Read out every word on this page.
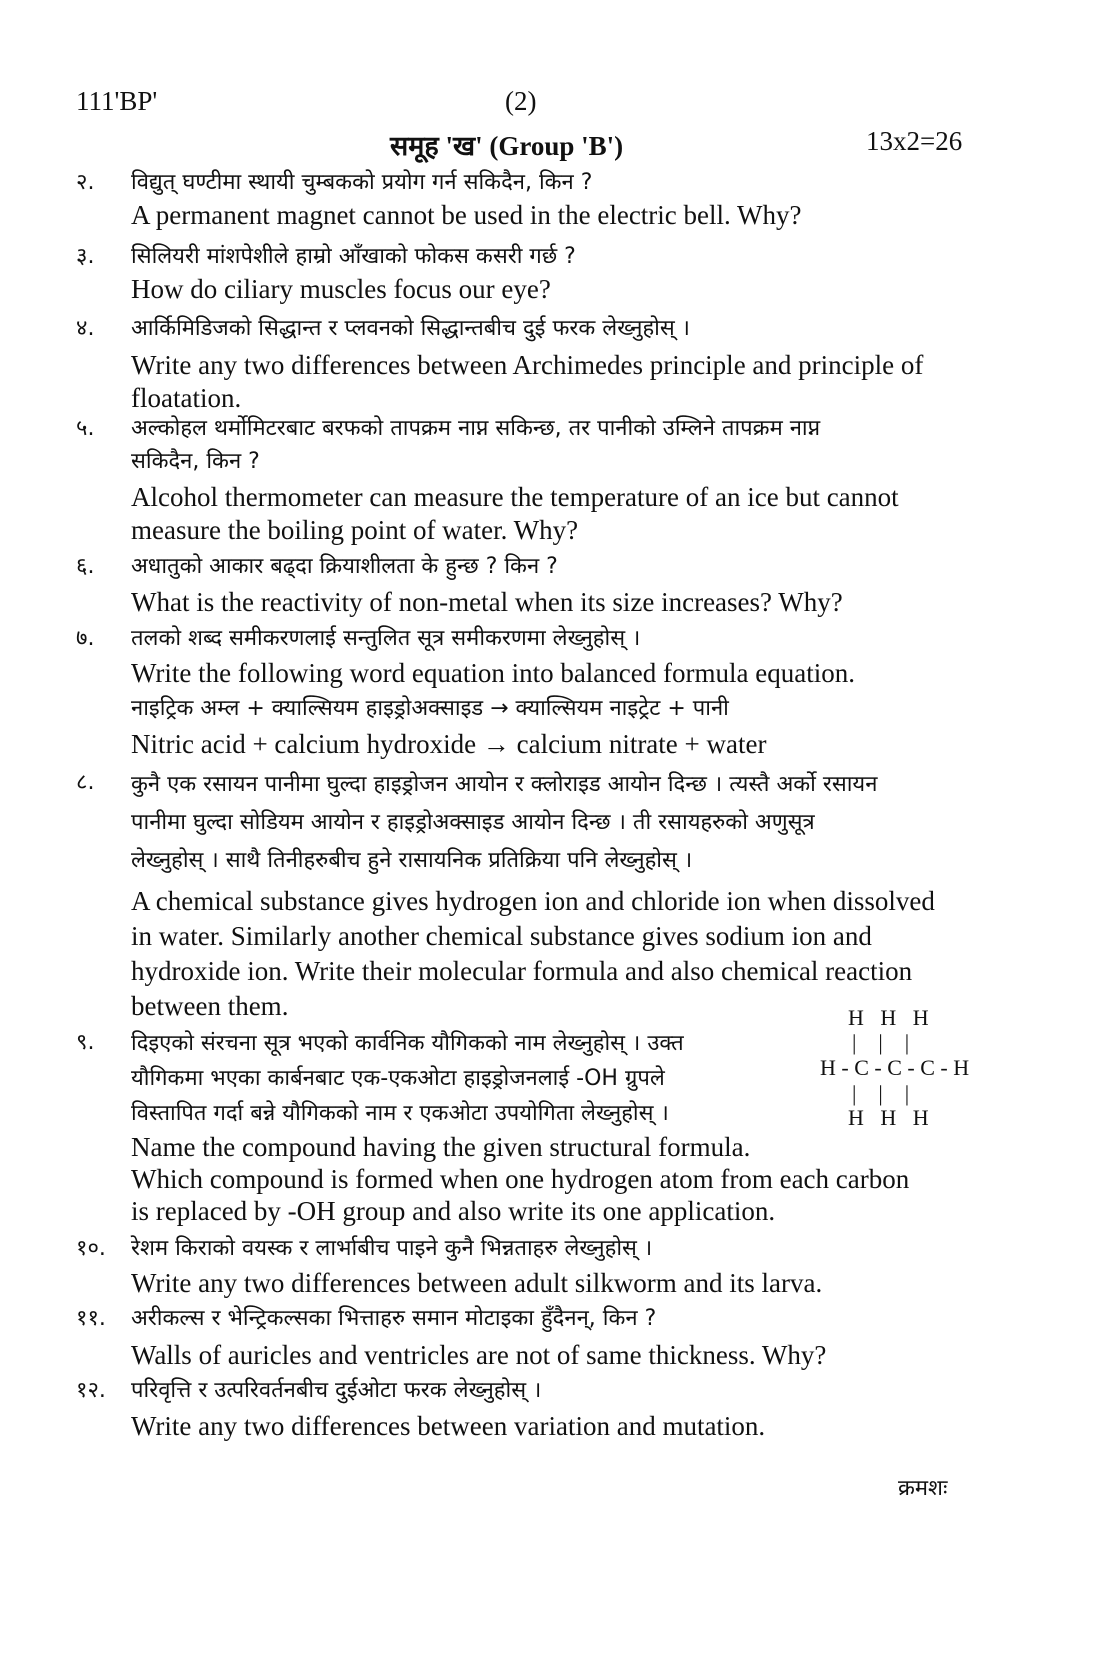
111'BP'	(2)
समूह 'ख' (Group 'B')	13x2=26
२. विद्युत् घण्टीमा स्थायी चुम्बकको प्रयोग गर्न सकिदैन, किन ?
A permanent magnet cannot be used in the electric bell. Why?
३. सिलियरी मांशपेशीले हाम्रो आँखाको फोकस कसरी गर्छ ?
How do ciliary muscles focus our eye?
४. आर्किमिडिजको सिद्धान्त र प्लवनको सिद्धान्तबीच दुई फरक लेख्नुहोस् ।
Write any two differences between Archimedes principle and principle of
floatation.
५. अल्कोहल थर्मोमिटरबाट बरफको तापक्रम नाप्न सकिन्छ, तर पानीको उम्लिने तापक्रम नाप्न
सकिदैन, किन ?
Alcohol thermometer can measure the temperature of an ice but cannot
measure the boiling point of water. Why?
६. अधातुको आकार बढ्दा क्रियाशीलता के हुन्छ ? किन ?
What is the reactivity of non-metal when its size increases? Why?
७. तलको शब्द समीकरणलाई सन्तुलित सूत्र समीकरणमा लेख्नुहोस् ।
Write the following word equation into balanced formula equation.
नाइट्रिक अम्ल + क्याल्सियम हाइड्रोअक्साइड → क्याल्सियम नाइट्रेट + पानी
Nitric acid + calcium hydroxide → calcium nitrate + water
८. कुनै एक रसायन पानीमा घुल्दा हाइड्रोजन आयोन र क्लोराइड आयोन दिन्छ । त्यस्तै अर्को रसायन
पानीमा घुल्दा सोडियम आयोन र हाइड्रोअक्साइड आयोन दिन्छ । ती रसायहरुको अणुसूत्र
लेख्नुहोस् । साथै तिनीहरुबीच हुने रासायनिक प्रतिक्रिया पनि लेख्नुहोस् ।
A chemical substance gives hydrogen ion and chloride ion when dissolved
in water. Similarly another chemical substance gives sodium ion and
hydroxide ion. Write their molecular formula and also chemical reaction
between them.
९. दिइएको संरचना सूत्र भएको कार्वनिक यौगिकको नाम लेख्नुहोस् । उक्त
यौगिकमा भएका कार्बनबाट एक-एकओटा हाइड्रोजनलाई -OH ग्रुपले
विस्तापित गर्दा बन्ने यौगिकको नाम र एकओटा उपयोगिता लेख्नुहोस् ।
Name the compound having the given structural formula.
Which compound is formed when one hydrogen atom from each carbon
is replaced by -OH group and also write its one application.
H   H   H
|    |    |
H - C - C - C - H
|    |    |
H   H   H
१०. रेशम किराको वयस्क र लार्भाबीच पाइने कुनै भिन्नताहरु लेख्नुहोस् ।
Write any two differences between adult silkworm and its larva.
११. अरीकल्स र भेन्ट्रिकल्सका भित्ताहरु समान मोटाइका हुँदैनन्, किन ?
Walls of auricles and ventricles are not of same thickness. Why?
१२. परिवृत्ति र उत्परिवर्तनबीच दुईओटा फरक लेख्नुहोस् ।
Write any two differences between variation and mutation.
क्रमशः
